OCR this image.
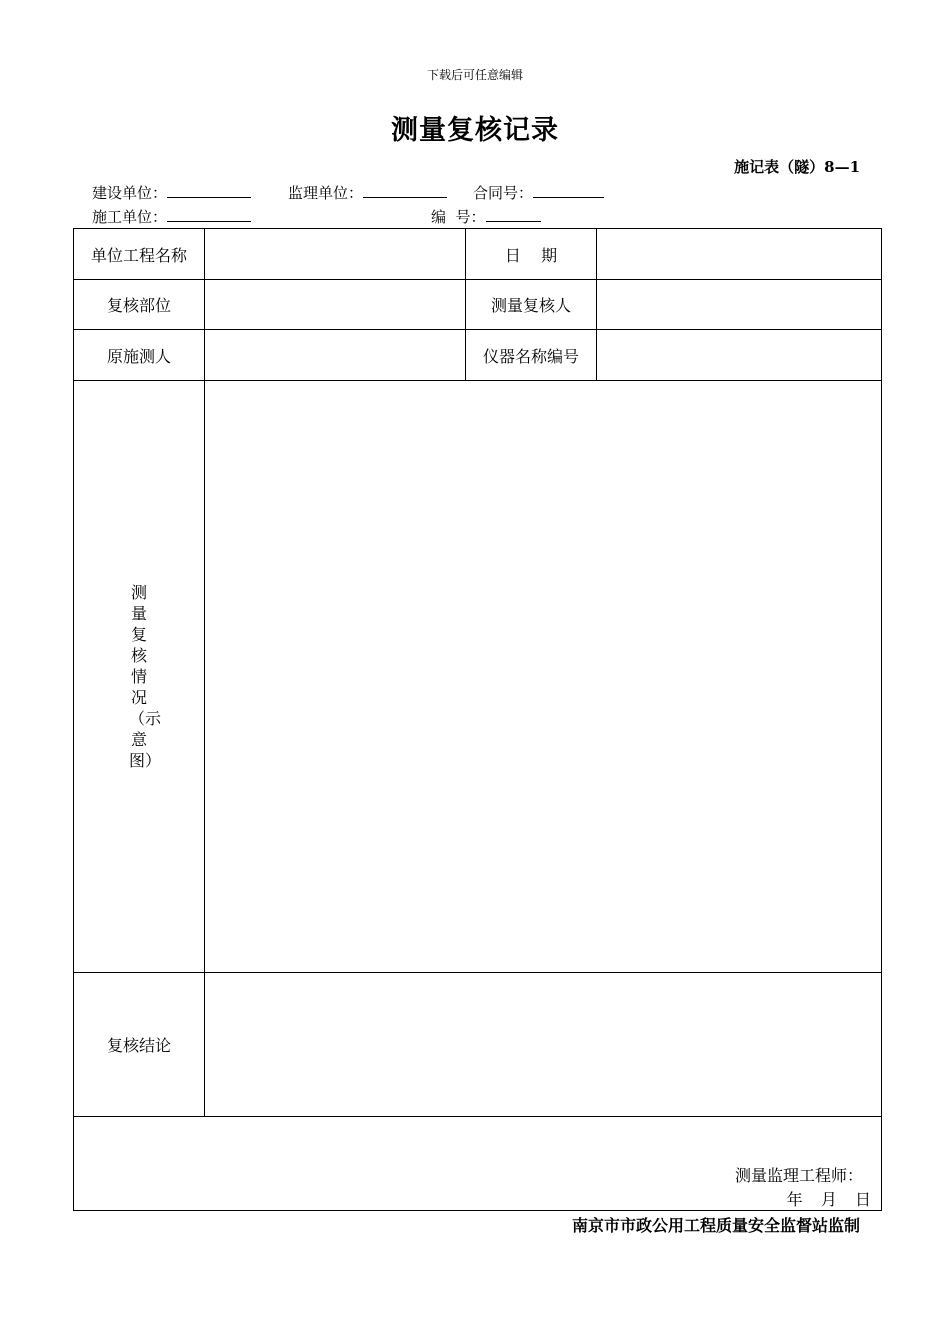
下载后可任意编辑
测量复核记录
施记表（隧）8—1
建设单位：	监理单位：	合同号：
施工单位：	编  号：
单位工程名称		日    期	
复核部位		测量复核人	
原施测人		仪器名称编号	
测量复核情况（示意图）			
复核结论			

测量监理工程师：
年  月  日			
南京市市政公用工程质量安全监督站监制
